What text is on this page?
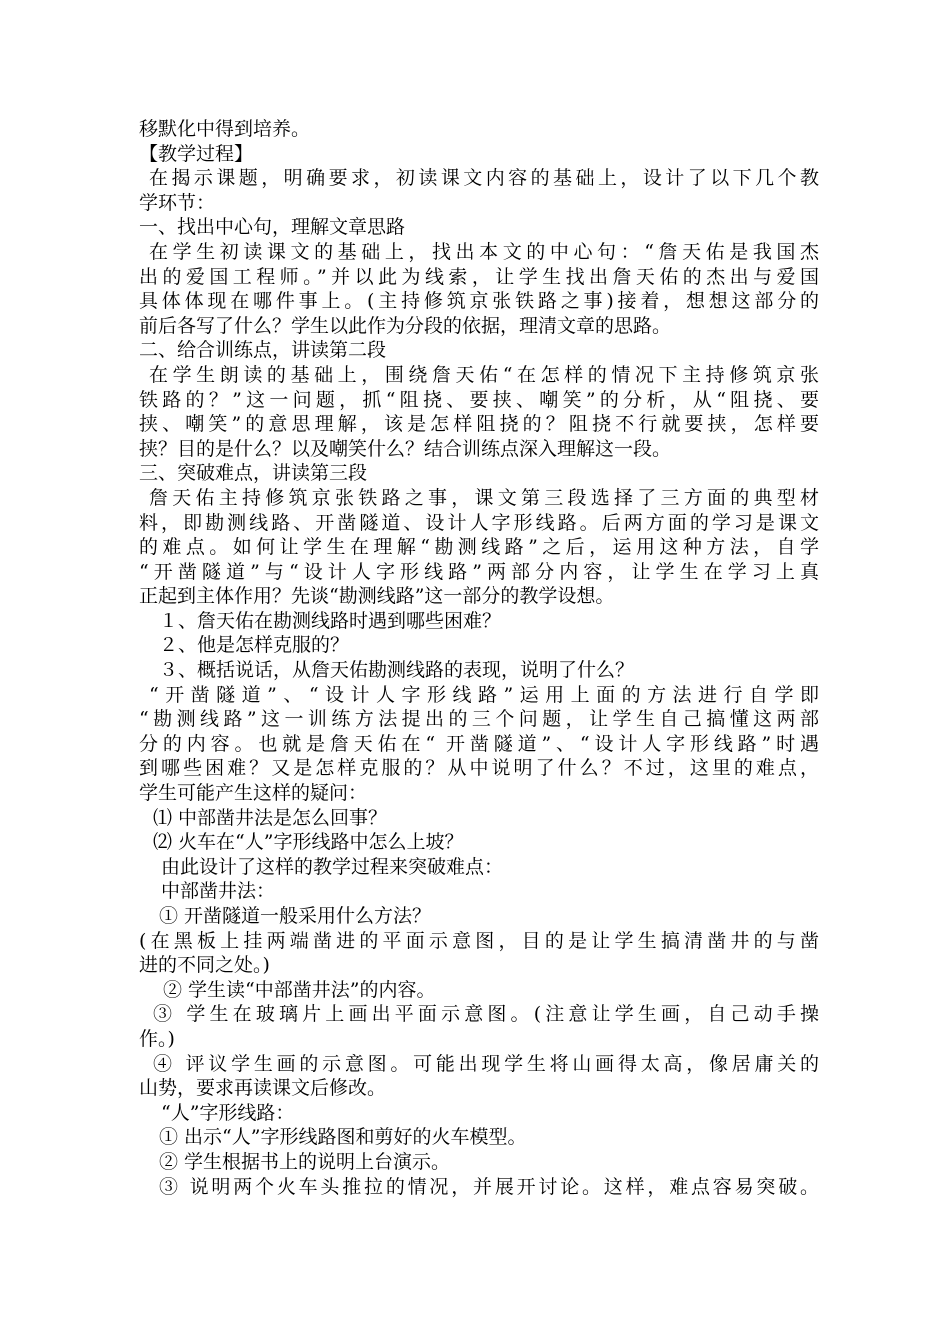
移默化中得到培养。
【教学过程】
在揭示课题，明确要求，初读课文内容的基础上，设计了以下几个教
学环节：
一、找出中心句，理解文章思路
在学生初读课文的基础上，找出本文的中心句：“詹天佑是我国杰
出的爱国工程师。”并以此为线索，让学生找出詹天佑的杰出与爱国
具体体现在哪件事上。(主持修筑京张铁路之事)接着，想想这部分的
前后各写了什么？学生以此作为分段的依据，理清文章的思路。
二、给合训练点，讲读第二段
在学生朗读的基础上，围绕詹天佑“在怎样的情况下主持修筑京张
铁路的？”这一问题，抓“阻挠、要挟、嘲笑”的分析，从“阻挠、要
挟、嘲笑”的意思理解，该是怎样阻挠的？阻挠不行就要挟，怎样要
挟？目的是什么？以及嘲笑什么？结合训练点深入理解这一段。
三、突破难点，讲读第三段
詹天佑主持修筑京张铁路之事，课文第三段选择了三方面的典型材
料，即勘测线路、开凿隧道、设计人字形线路。后两方面的学习是课文
的难点。如何让学生在理解“勘测线路”之后，运用这种方法，自学
“开凿隧道”与“设计人字形线路”两部分内容，让学生在学习上真
正起到主体作用？先谈“勘测线路”这一部分的教学设想。
１、詹天佑在勘测线路时遇到哪些困难？
２、他是怎样克服的？
３、概括说话，从詹天佑勘测线路的表现，说明了什么？
“开凿隧道”、“设计人字形线路”运用上面的方法进行自学即
“勘测线路”这一训练方法提出的三个问题，让学生自己搞懂这两部
分的内容。也就是詹天佑在“ 开凿隧道”、“设计人字形线路”时遇
到哪些困难？又是怎样克服的？从中说明了什么？不过，这里的难点，
学生可能产生这样的疑问：
⑴ 中部凿井法是怎么回事？
⑵ 火车在“人”字形线路中怎么上坡？
由此设计了这样的教学过程来突破难点：
中部凿井法：
① 开凿隧道一般采用什么方法？
(在黑板上挂两端凿进的平面示意图，目的是让学生搞清凿井的与凿
进的不同之处。)
② 学生读“中部凿井法”的内容。
③ 学生在玻璃片上画出平面示意图。(注意让学生画，自己动手操
作。)
④ 评议学生画的示意图。可能出现学生将山画得太高，像居庸关的
山势，要求再读课文后修改。
“人”字形线路：
① 出示“人”字形线路图和剪好的火车模型。
② 学生根据书上的说明上台演示。
③ 说明两个火车头推拉的情况，并展开讨论。这样，难点容易突破。
